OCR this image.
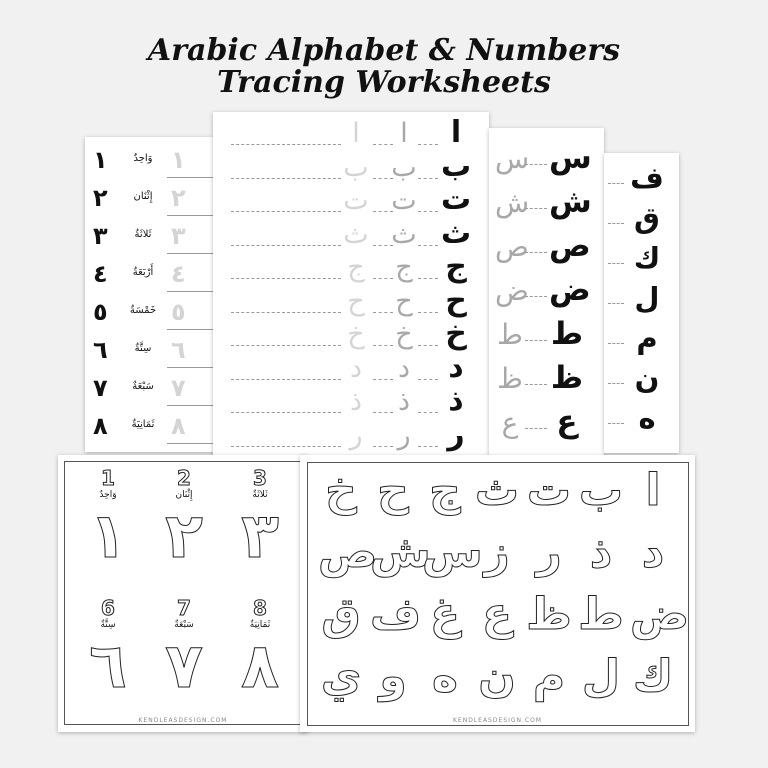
Arabic Alphabet & Numbers
Tracing Worksheets
١	وَاحِدٌ ١
٢	إِثْنَان ٢
٣	ثَلاثَةٌ ٣
٤	أَرْبَعَةٌ ٤
٥	خَمْسَةٌ ٥
٦	سِتَّةٌ ٦
٧	سَبْعَةٌ ٧
٨	ثَمَانِيَةٌ ٨
ا	ا	ا
ب ب ب
ت ت ت
ث ث ث
ج ج ج
ح ح ح
خ خ خ
د د د
ذ ذ ذ
ر ر ر
س س
ش ش
ص ص
ض ض
ط ط
ظ ظ
ع ع
ف
ق
ك
ل
م
ن
ه
1
وَاحِدٌ
١
2
إِثْنَان
٢
3
ثَلاثَةٌ
٣
6
سِتَّةٌ
٦
7
سَبْعَةٌ
٧
8
ثَمَانِيَةٌ
٨
KENDLEASDESIGN.COM
خ ح ج ث ت ب ا
ص
ش
س ز ر ذ د
ق ف غ ع ظ ط ض
ي و ه ن م ل ك
KENDLEASDESIGN.COM
